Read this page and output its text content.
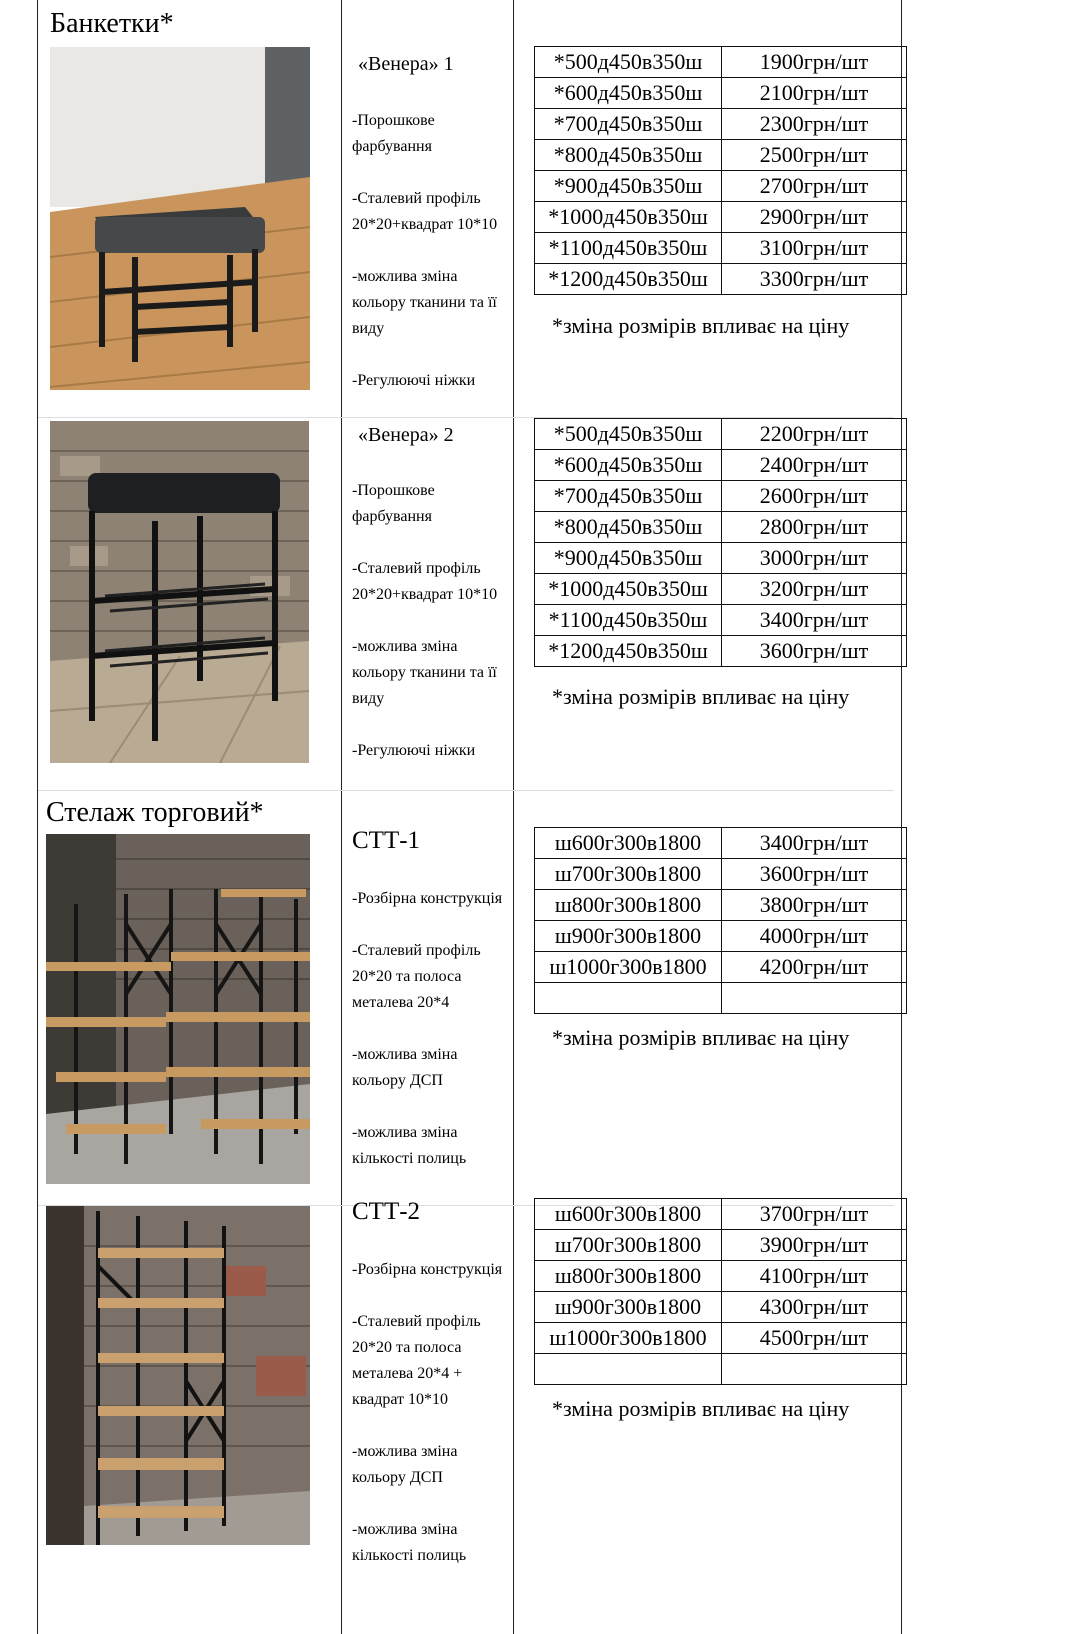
Банкетки*
Стелаж торговий*
«Венера» 1
-Порошкове фарбування
-Сталевий профіль 20*20+квадрат 10*10
-можлива зміна кольору тканини та її виду
-Регулюючі ніжки
*500д450в350ш	1900грн/шт
*600д450в350ш	2100грн/шт
*700д450в350ш	2300грн/шт
*800д450в350ш	2500грн/шт
*900д450в350ш	2700грн/шт
*1000д450в350ш	2900грн/шт
*1100д450в350ш	3100грн/шт
*1200д450в350ш	3300грн/шт
*зміна розмірів впливає на ціну
«Венера» 2
-Порошкове фарбування
-Сталевий профіль 20*20+квадрат 10*10
-можлива зміна кольору тканини та її виду
-Регулюючі ніжки
*500д450в350ш	2200грн/шт
*600д450в350ш	2400грн/шт
*700д450в350ш	2600грн/шт
*800д450в350ш	2800грн/шт
*900д450в350ш	3000грн/шт
*1000д450в350ш	3200грн/шт
*1100д450в350ш	3400грн/шт
*1200д450в350ш	3600грн/шт
*зміна розмірів впливає на ціну
СТТ-1
-Розбірна конструкція
-Сталевий профіль 20*20 та полоса металева 20*4
-можлива зміна кольору ДСП
-можлива зміна кількості полиць
ш600г300в1800	3400грн/шт
ш700г300в1800	3600грн/шт
ш800г300в1800	3800грн/шт
ш900г300в1800	4000грн/шт
ш1000г300в1800	4200грн/шт

*зміна розмірів впливає на ціну
СТТ-2
-Розбірна конструкція
-Сталевий профіль 20*20 та полоса металева 20*4 + квадрат 10*10
-можлива зміна кольору ДСП
-можлива зміна кількості полиць
ш600г300в1800	3700грн/шт
ш700г300в1800	3900грн/шт
ш800г300в1800	4100грн/шт
ш900г300в1800	4300грн/шт
ш1000г300в1800	4500грн/шт

*зміна розмірів впливає на ціну
